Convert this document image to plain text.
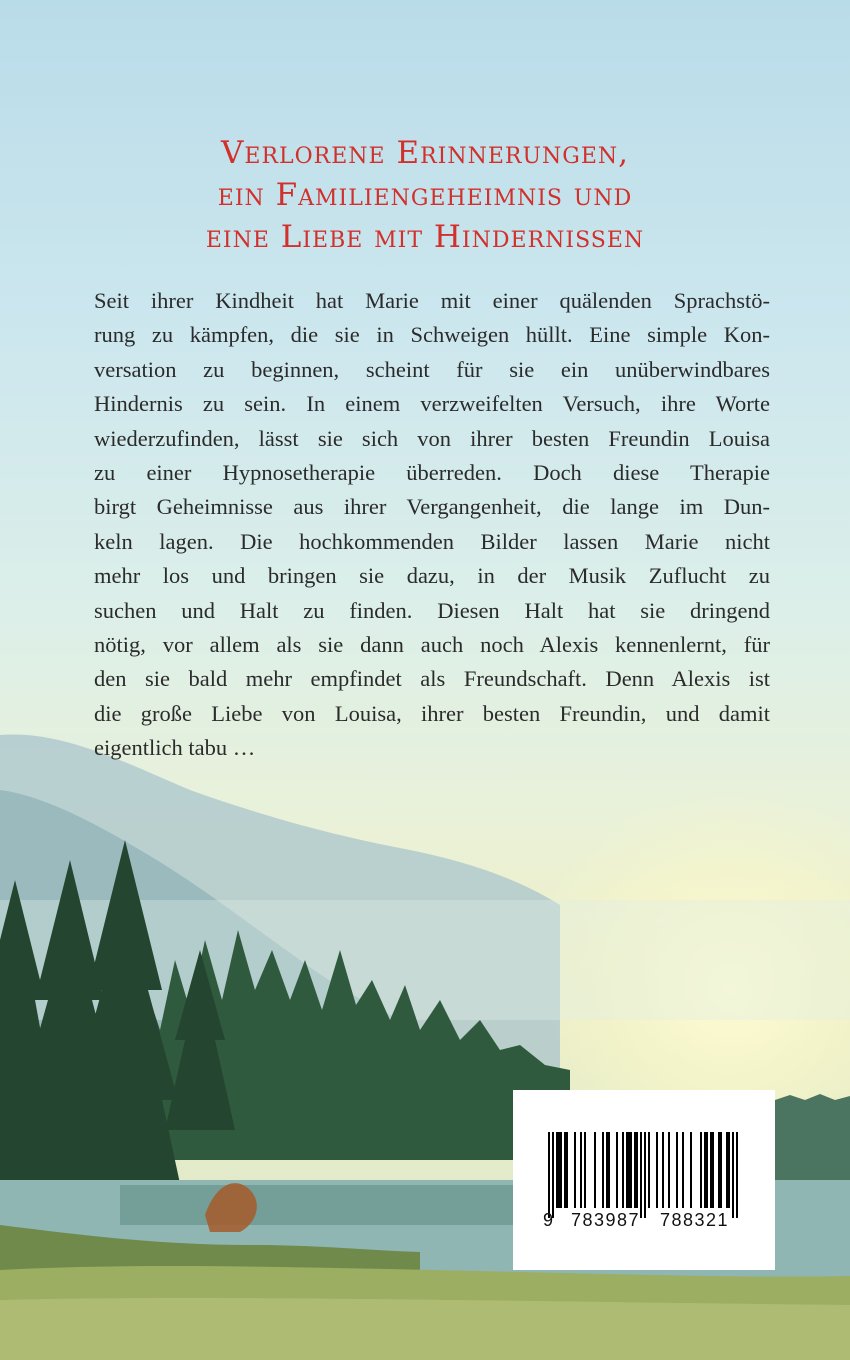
Verlorene Erinnerungen,
ein Familiengeheimnis und
eine Liebe mit Hindernissen
Seit ihrer Kindheit hat Marie mit einer quälenden Sprachstö-
rung zu kämpfen, die sie in Schweigen hüllt. Eine simple Kon-
versation zu beginnen, scheint für sie ein unüberwindbares
Hindernis zu sein. In einem verzweifelten Versuch, ihre Worte
wiederzufinden, lässt sie sich von ihrer besten Freundin Louisa
zu einer Hypnosetherapie überreden. Doch diese Therapie
birgt Geheimnisse aus ihrer Vergangenheit, die lange im Dun-
keln lagen. Die hochkommenden Bilder lassen Marie nicht
mehr los und bringen sie dazu, in der Musik Zuflucht zu
suchen und Halt zu finden. Diesen Halt hat sie dringend
nötig, vor allem als sie dann auch noch Alexis kennenlernt, für
den sie bald mehr empfindet als Freundschaft. Denn Alexis ist
die große Liebe von Louisa, ihrer besten Freundin, und damit
eigentlich tabu …
9 783987 788321
